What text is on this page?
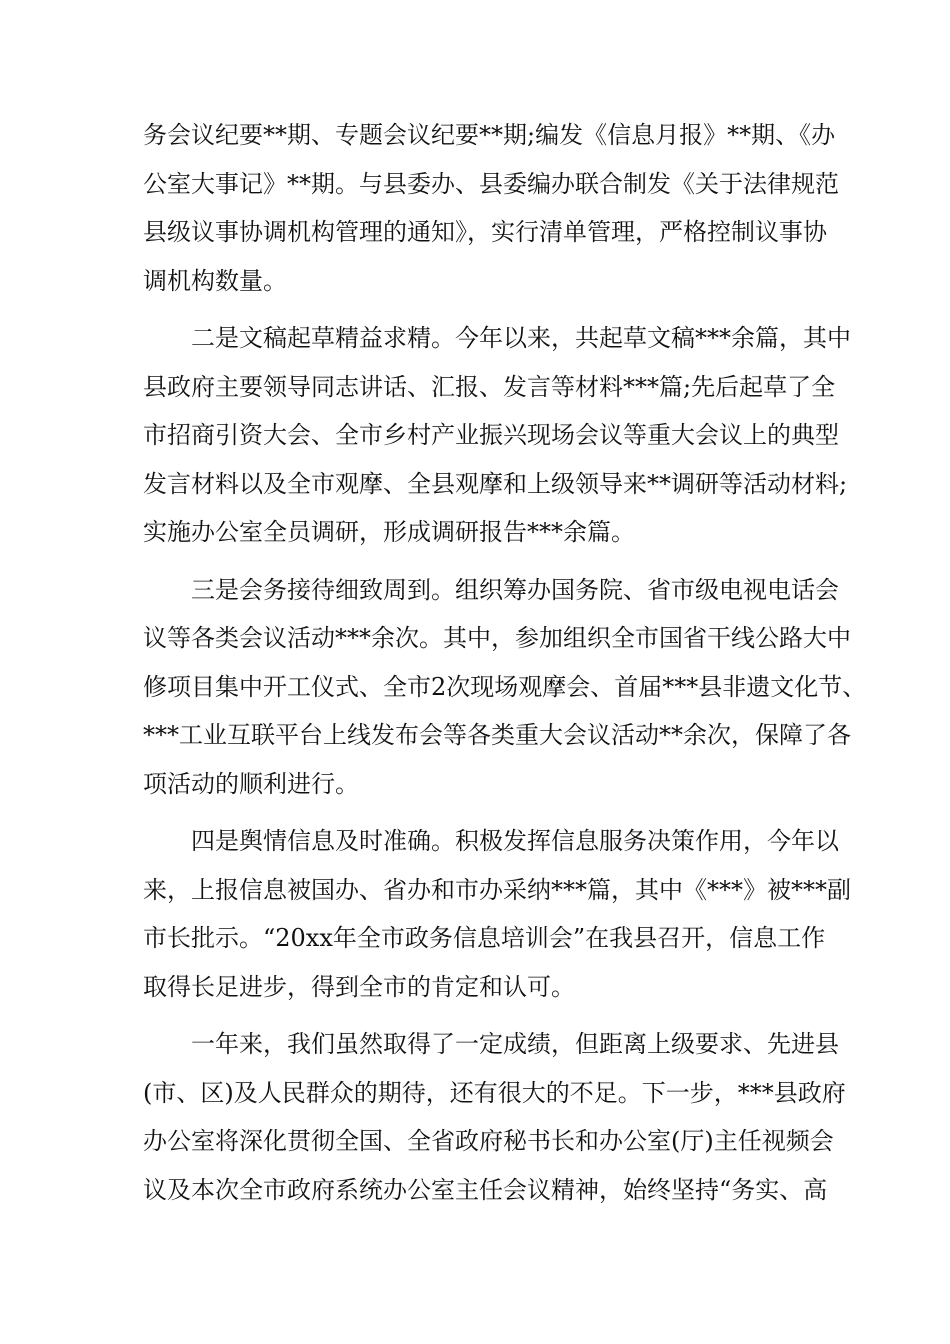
务会议纪要**期、专题会议纪要**期;编发《信息月报》**期、《办
公室大事记》**期。与县委办、县委编办联合制发《关于法律规范
县级议事协调机构管理的通知》，实行清单管理，严格控制议事协
调机构数量。
　　二是文稿起草精益求精。今年以来，共起草文稿***余篇，其中
县政府主要领导同志讲话、汇报、发言等材料***篇;先后起草了全
市招商引资大会、全市乡村产业振兴现场会议等重大会议上的典型
发言材料以及全市观摩、全县观摩和上级领导来**调研等活动材料;
实施办公室全员调研，形成调研报告***余篇。
　　三是会务接待细致周到。组织筹办国务院、省市级电视电话会
议等各类会议活动***余次。其中，参加组织全市国省干线公路大中
修项目集中开工仪式、全市2次现场观摩会、首届***县非遗文化节、
***工业互联平台上线发布会等各类重大会议活动**余次，保障了各
项活动的顺利进行。
　　四是舆情信息及时准确。积极发挥信息服务决策作用，今年以
来，上报信息被国办、省办和市办采纳***篇，其中《***》被***副
市长批示。“20xx年全市政务信息培训会”在我县召开，信息工作
取得长足进步，得到全市的肯定和认可。
　　一年来，我们虽然取得了一定成绩，但距离上级要求、先进县
(市、区)及人民群众的期待，还有很大的不足。下一步，***县政府
办公室将深化贯彻全国、全省政府秘书长和办公室(厅)主任视频会
议及本次全市政府系统办公室主任会议精神，始终坚持“务实、高
